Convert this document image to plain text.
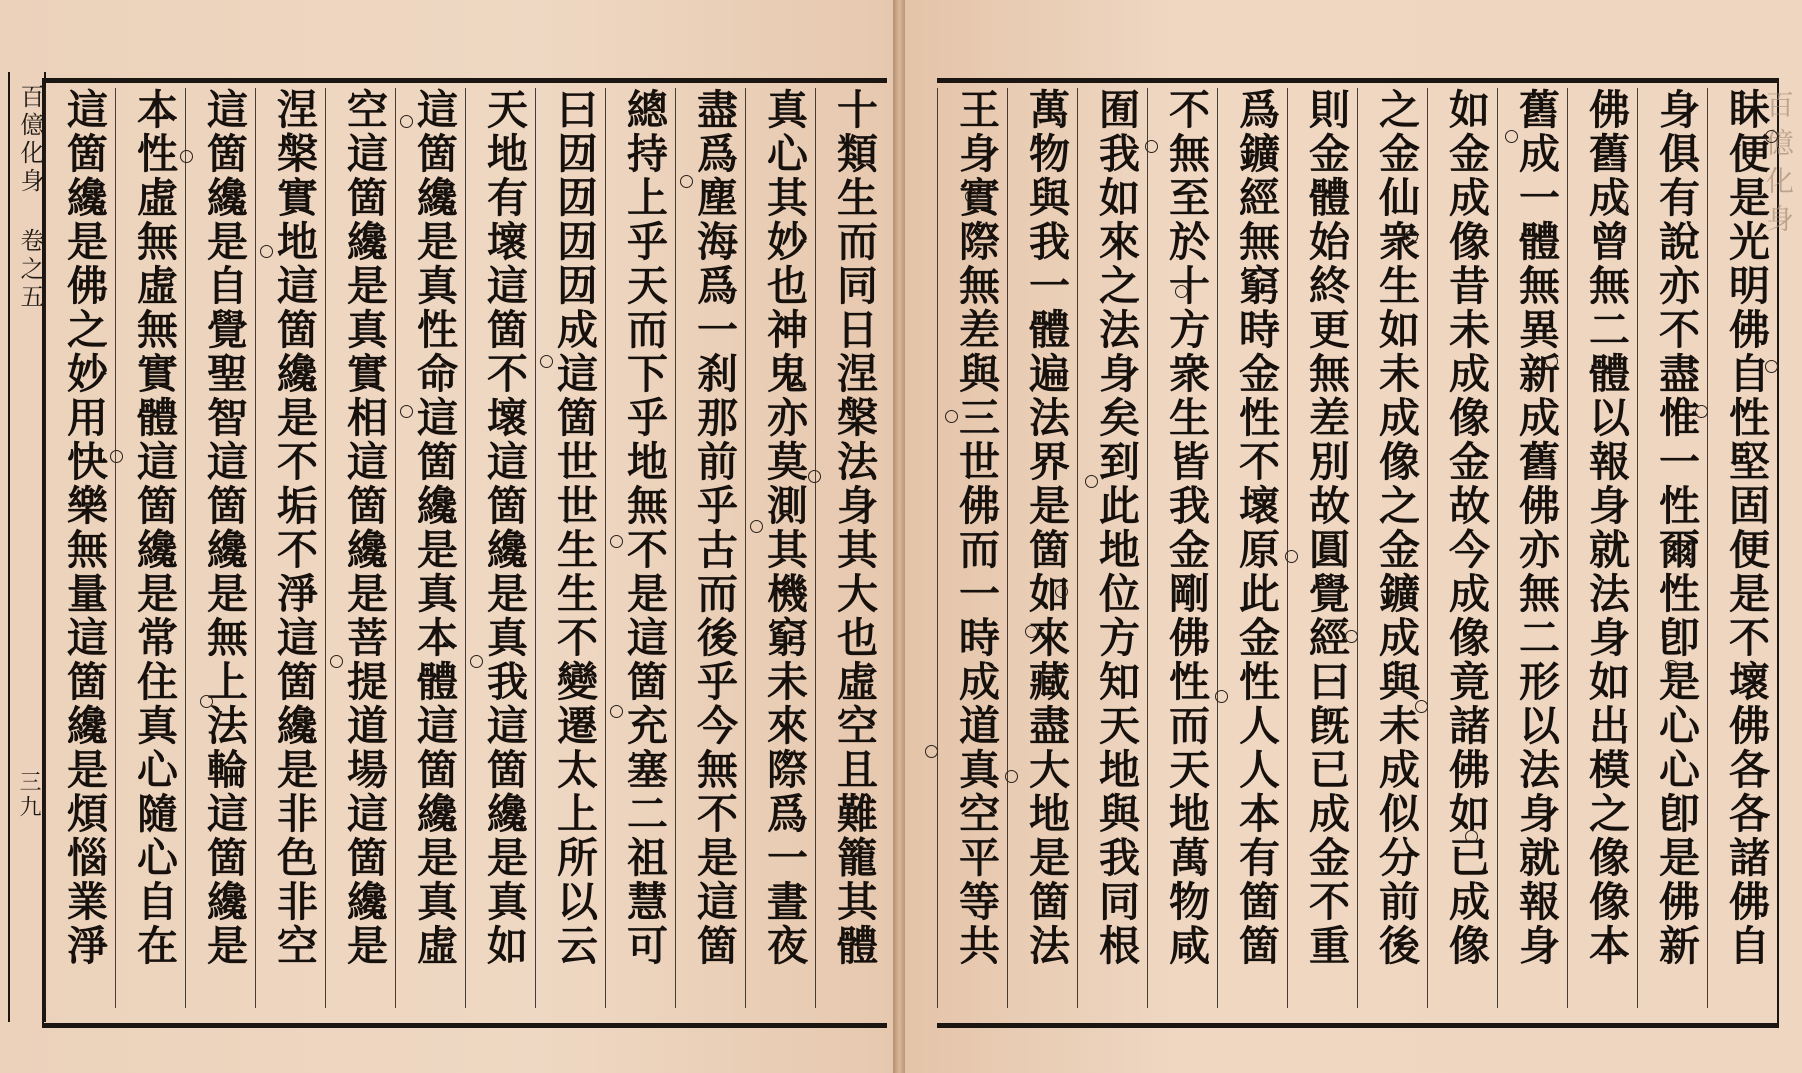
百億化身 卷之五
三九	十類生而同日涅槃法身其大也虛空且難籠其體
真心其妙也神鬼亦莫測其機窮未來際爲一晝夜
盡爲塵海爲一刹那前乎古而後乎今無不是這箇
總持上乎天而下乎地無不是這箇充塞二祖慧可
曰㘞㘞㘞㘞成這箇世世生生不變遷太上所以云
天地有壞這箇不壞這箇纔是真我這箇纔是真如
這箇纔是真性命這箇纔是真本體這箇纔是真虛
空這箇纔是真實相這箇纔是菩提道場這箇纔是
涅槃實地這箇纔是不垢不淨這箇纔是非色非空
這箇纔是自覺聖智這箇纔是無上法輪這箇纔是
本性虛無虛無實體這箇纔是常住真心隨心自在
這箇纔是佛之妙用快樂無量這箇纔是煩惱業淨	百億化身
眛便是光明佛自性堅固便是不壞佛各各諸佛自
身俱有說亦不盡惟一性爾性卽是心心卽是佛新
佛舊成曾無二體以報身就法身如出模之像像本
舊成一體無異新成舊佛亦無二形以法身就報身
如金成像昔未成像金故今成像竟諸佛如已成像
之金仙衆生如未成像之金鑛成與未成似分前後
則金體始終更無差別故圓覺經曰旣已成金不重
爲鑛經無窮時金性不壞原此金性人人本有箇箇
不無至於十方衆生皆我金剛佛性而天地萬物咸
囿我如來之法身矣到此地位方知天地與我同根
萬物與我一體遍法界是箇如來藏盡大地是箇法
王身實際無差與三世佛而一時成道真空平等共
